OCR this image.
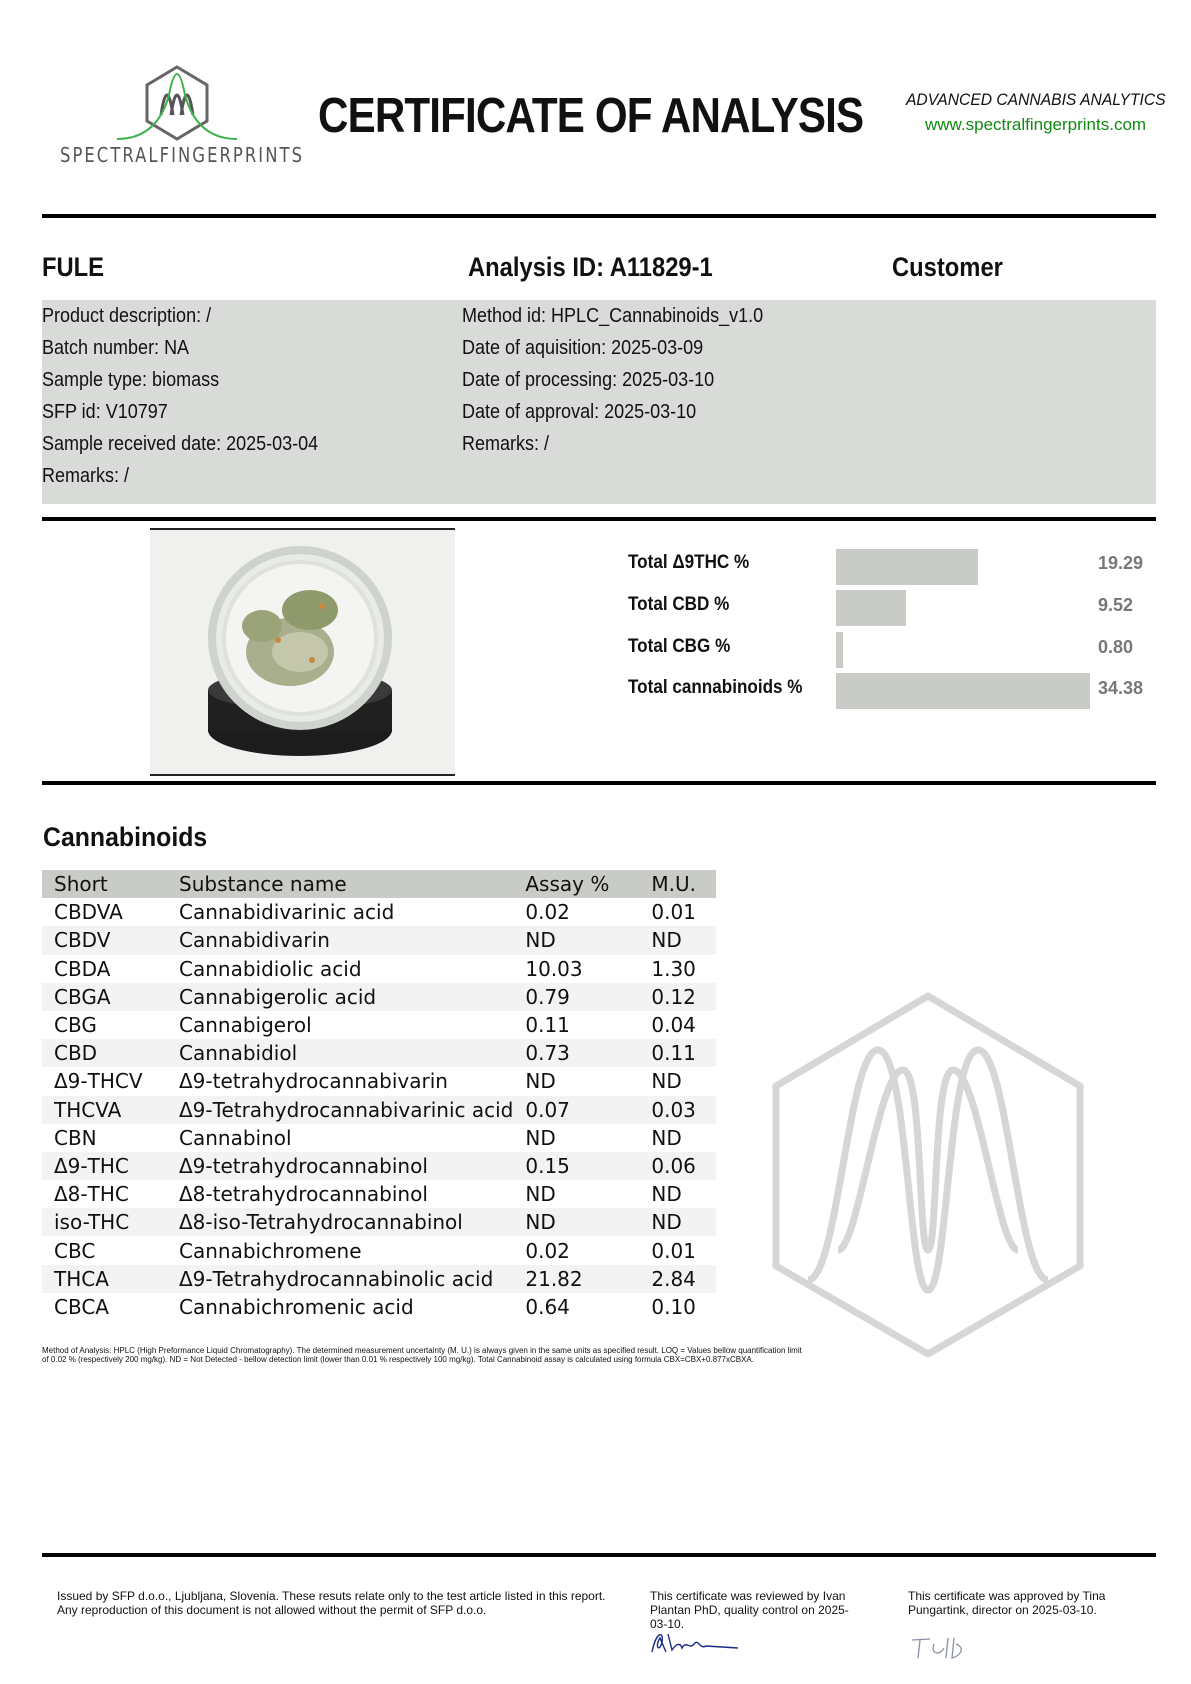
SPECTRALFINGERPRINTS
CERTIFICATE OF ANALYSIS	ADVANCED CANNABIS ANALYTICS
www.spectralfingerprints.com
FULE	Analysis ID: A11829-1	Customer
Product description: /
Batch number: NA
Sample type: biomass
SFP id: V10797
Sample received date: 2025-03-04
Remarks: /
Method id: HPLC_Cannabinoids_v1.0
Date of aquisition: 2025-03-09
Date of processing: 2025-03-10
Date of approval: 2025-03-10
Remarks: /
Total Δ9THC %	19.29
Total CBD %	9.52
Total CBG %	0.80
Total cannabinoids %	34.38
Cannabinoids
Short	Substance name	Assay %	M.U.
CBDVA	Cannabidivarinic acid	0.02	0.01
CBDV	Cannabidivarin	ND	ND
CBDA	Cannabidiolic acid	10.03	1.30
CBGA	Cannabigerolic acid	0.79	0.12
CBG	Cannabigerol	0.11	0.04
CBD	Cannabidiol	0.73	0.11
Δ9-THCV	Δ9-tetrahydrocannabivarin	ND	ND
THCVA	Δ9-Tetrahydrocannabivarinic acid	0.07	0.03
CBN	Cannabinol	ND	ND
Δ9-THC	Δ9-tetrahydrocannabinol	0.15	0.06
Δ8-THC	Δ8-tetrahydrocannabinol	ND	ND
iso-THC	Δ8-iso-Tetrahydrocannabinol	ND	ND
CBC	Cannabichromene	0.02	0.01
THCA	Δ9-Tetrahydrocannabinolic acid	21.82	2.84
CBCA	Cannabichromenic acid	0.64	0.10
Method of Analysis: HPLC (High Preformance Liquid Chromatography). The determined measurement uncertainty (M. U.) is always given in the same units as specified result. LOQ = Values bellow quantification limit of 0.02 % (respectively 200 mg/kg). ND = Not Detected - bellow detection limit (lower than 0.01 % respectively 100 mg/kg). Total Cannabinoid assay is calculated using formula CBX=CBX+0.877xCBXA.
Issued by SFP d.o.o., Ljubljana, Slovenia. These resuts relate only to the test article listed in this report. Any reproduction of this document is not allowed without the permit of SFP d.o.o.
This certificate was reviewed by Ivan Plantan PhD, quality control on 2025-03-10.
This certificate was approved by Tina Pungartink, director on 2025-03-10.
